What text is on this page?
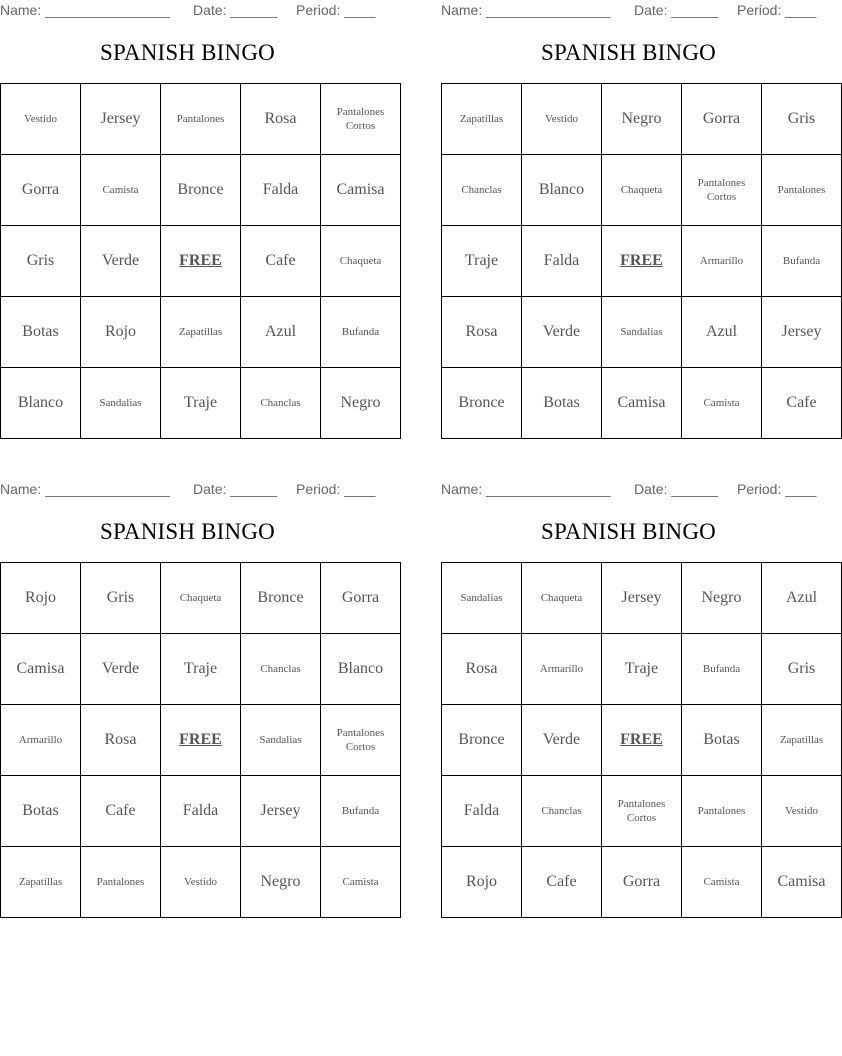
Name: ________________ Date: ______ Period: ____
SPANISH BINGO
Vestido	Jersey	Pantalones	Rosa	Pantalones Cortos
Gorra	Camista	Bronce	Falda	Camisa
Gris	Verde	FREE	Cafe	Chaqueta
Botas	Rojo	Zapatillas	Azul	Bufanda
Blanco	Sandalias	Traje	Chanclas	Negro
Name: ________________ Date: ______ Period: ____
SPANISH BINGO
Zapatillas	Vestido	Negro	Gorra	Gris
Chanclas	Blanco	Chaqueta	Pantalones Cortos	Pantalones
Traje	Falda	FREE	Armarillo	Bufanda
Rosa	Verde	Sandalias	Azul	Jersey
Bronce	Botas	Camisa	Camista	Cafe
Name: ________________ Date: ______ Period: ____
SPANISH BINGO
Rojo	Gris	Chaqueta	Bronce	Gorra
Camisa	Verde	Traje	Chanclas	Blanco
Armarillo	Rosa	FREE	Sandalias	Pantalones Cortos
Botas	Cafe	Falda	Jersey	Bufanda
Zapatillas	Pantalones	Vestido	Negro	Camista
Name: ________________ Date: ______ Period: ____
SPANISH BINGO
Sandalias	Chaqueta	Jersey	Negro	Azul
Rosa	Armarillo	Traje	Bufanda	Gris
Bronce	Verde	FREE	Botas	Zapatillas
Falda	Chanclas	Pantalones Cortos	Pantalones	Vestido
Rojo	Cafe	Gorra	Camista	Camisa
